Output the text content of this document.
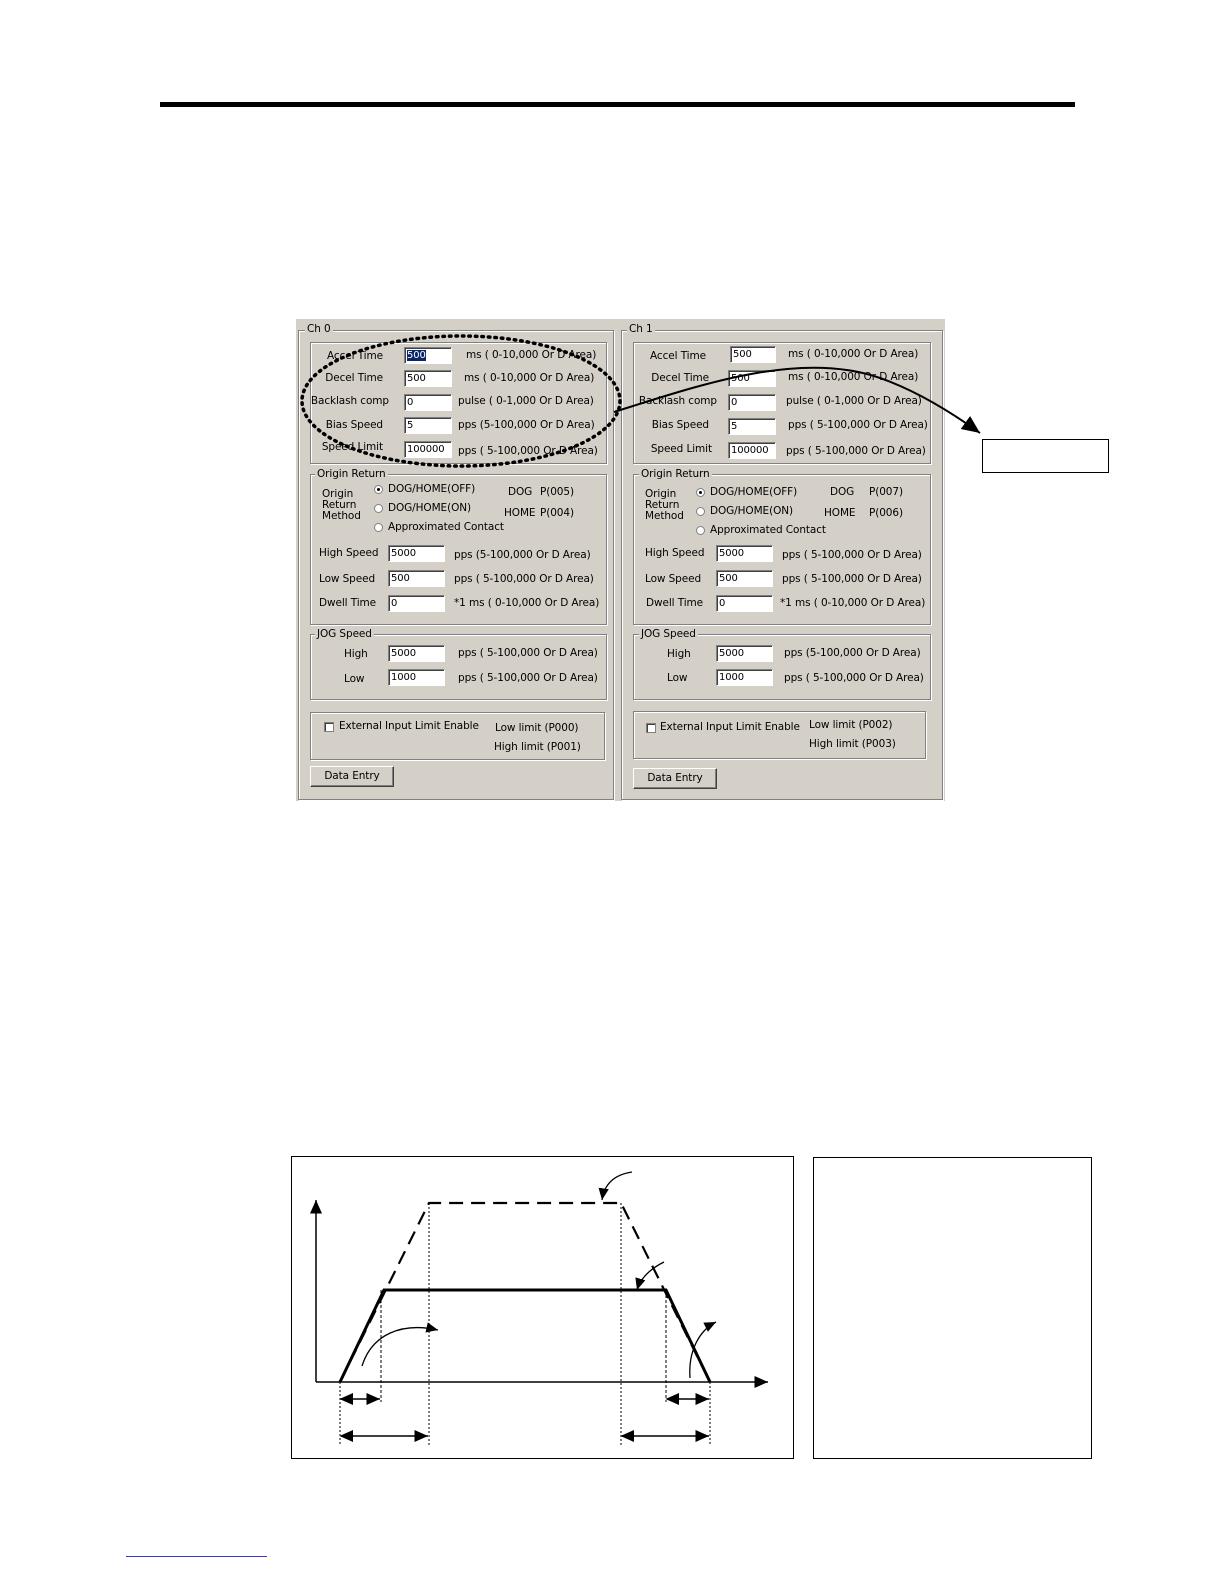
Ch 0
Accel Time	500	ms ( 0-10,000 Or D Area)
Decel Time	500	ms ( 0-10,000 Or D Area)
Backlash comp	0	pulse ( 0-1,000 Or D Area)
Bias Speed	5	pps (5-100,000 Or D Area)
Speed Limit	100000	pps ( 5-100,000 Or D Area)
Origin Return
Origin
Return
Method
DOG/HOME(OFF)
DOG/HOME(ON)
Approximated Contact
DOG P(005)
HOME P(004)
High Speed	5000	pps (5-100,000 Or D Area)
Low Speed	500	pps ( 5-100,000 Or D Area)
Dwell Time	0	*1 ms ( 0-10,000 Or D Area)
JOG Speed
High	5000	pps ( 5-100,000 Or D Area)
Low	1000	pps ( 5-100,000 Or D Area)
External Input Limit Enable Low limit (P000)
High limit (P001)
Data Entry
Ch 1
Accel Time	500	ms ( 0-10,000 Or D Area)
Decel Time	500	ms ( 0-10,000 Or D Area)
Backlash comp	0	pulse ( 0-1,000 Or D Area)
Bias Speed	5	pps ( 5-100,000 Or D Area)
Speed Limit	100000	pps ( 5-100,000 Or D Area)
Origin Return
Origin
Return
Method
DOG/HOME(OFF)
DOG/HOME(ON)
Approximated Contact
DOG P(007)
HOME P(006)
High Speed	5000	pps ( 5-100,000 Or D Area)
Low Speed	500	pps ( 5-100,000 Or D Area)
Dwell Time	0	*1 ms ( 0-10,000 Or D Area)
JOG Speed
High	5000	pps (5-100,000 Or D Area)
Low	1000	pps ( 5-100,000 Or D Area)
External Input Limit Enable Low limit (P002)
High limit (P003)
Data Entry
